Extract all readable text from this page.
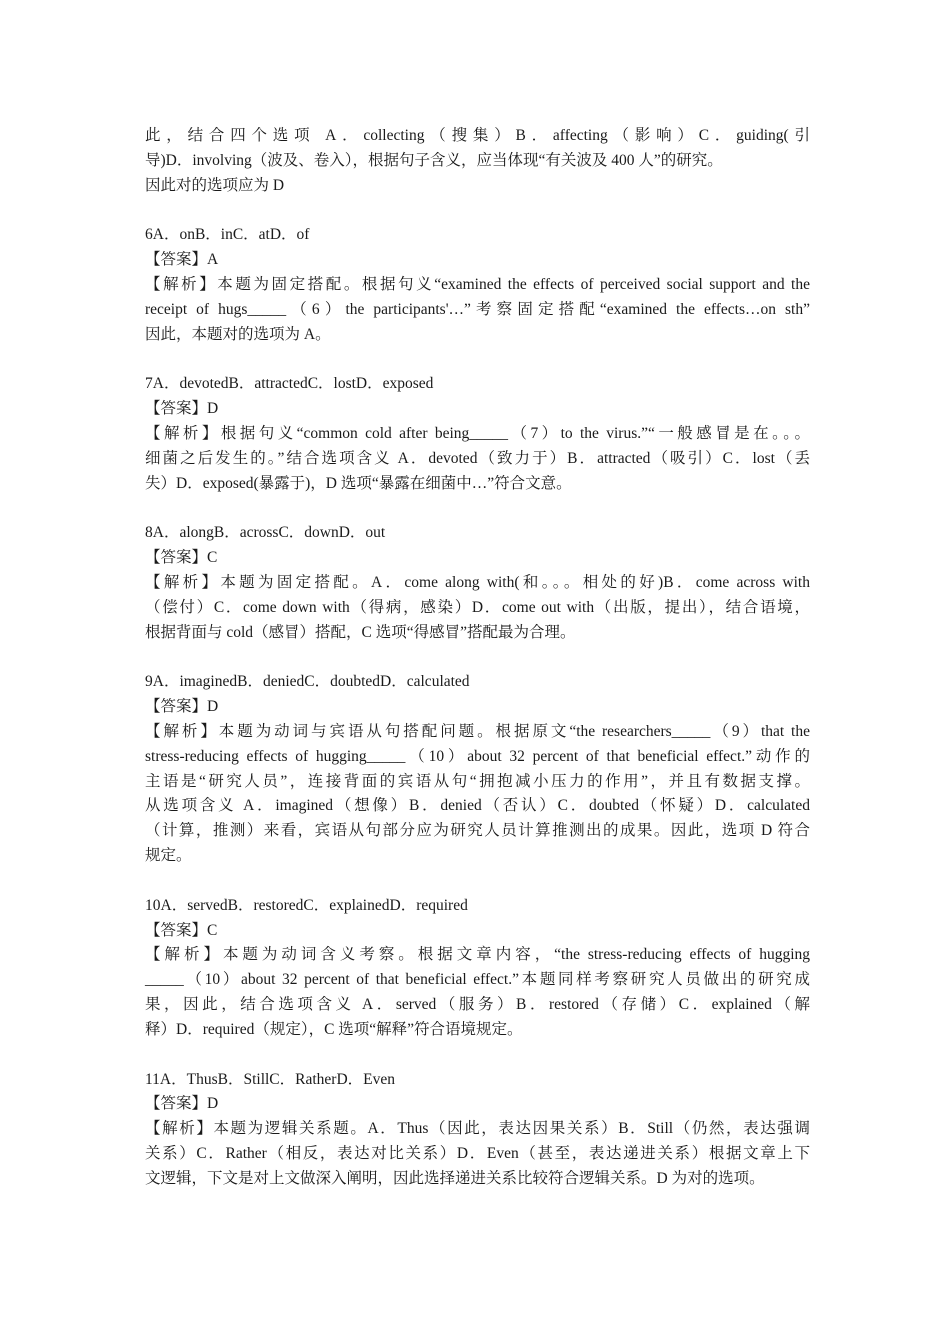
此，结合四个选项 A．collecting（搜集）B．affecting（影响）C．guiding(引
导)D．involving（波及、卷入），根据句子含义，应当体现“有关波及 400 人”的研究。
因此对的选项应为 D
6A．onB．inC．atD．of
【答案】A
【解析】本题为固定搭配。根据句义“examined the effects of perceived social support and the
receipt of hugs_____（6）the participants'…”考察固定搭配“examined the effects…on sth”
因此，本题对的选项为 A。
7A．devotedB．attractedC．lostD．exposed
【答案】D
【解析】根据句义“common cold after being_____（7）to the virus.”“一般感冒是在。。。
细菌之后发生的。”结合选项含义 A．devoted（致力于）B．attracted（吸引）C．lost（丢
失）D．exposed(暴露于)，D 选项“暴露在细菌中…”符合文意。
8A．alongB．acrossC．downD．out
【答案】C
【解析】本题为固定搭配。A．come along with(和。。。相处的好)B．come across with
（偿付）C．come down with（得病，感染）D．come out with（出版，提出），结合语境，
根据背面与 cold（感冒）搭配，C 选项“得感冒”搭配最为合理。
9A．imaginedB．deniedC．doubtedD．calculated
【答案】D
【解析】本题为动词与宾语从句搭配问题。根据原文“the researchers_____（9）that the
stress-reducing effects of hugging_____（10）about 32 percent of that beneficial effect.”动作的
主语是“研究人员”，连接背面的宾语从句“拥抱减小压力的作用”，并且有数据支撑。
从选项含义 A．imagined（想像）B．denied（否认）C．doubted（怀疑）D．calculated
（计算，推测）来看，宾语从句部分应为研究人员计算推测出的成果。因此，选项 D 符合
规定。
10A．servedB．restoredC．explainedD．required
【答案】C
【解析】本题为动词含义考察。根据文章内容，“the stress-reducing effects of hugging
_____（10）about 32 percent of that beneficial effect.”本题同样考察研究人员做出的研究成
果，因此，结合选项含义 A．served（服务）B．restored（存储）C．explained（解
释）D．required（规定），C 选项“解释”符合语境规定。
11A．ThusB．StillC．RatherD．Even
【答案】D
【解析】本题为逻辑关系题。A．Thus（因此，表达因果关系）B．Still（仍然，表达强调
关系）C．Rather（相反，表达对比关系）D．Even（甚至，表达递进关系）根据文章上下
文逻辑，下文是对上文做深入阐明，因此选择递进关系比较符合逻辑关系。D 为对的选项。
